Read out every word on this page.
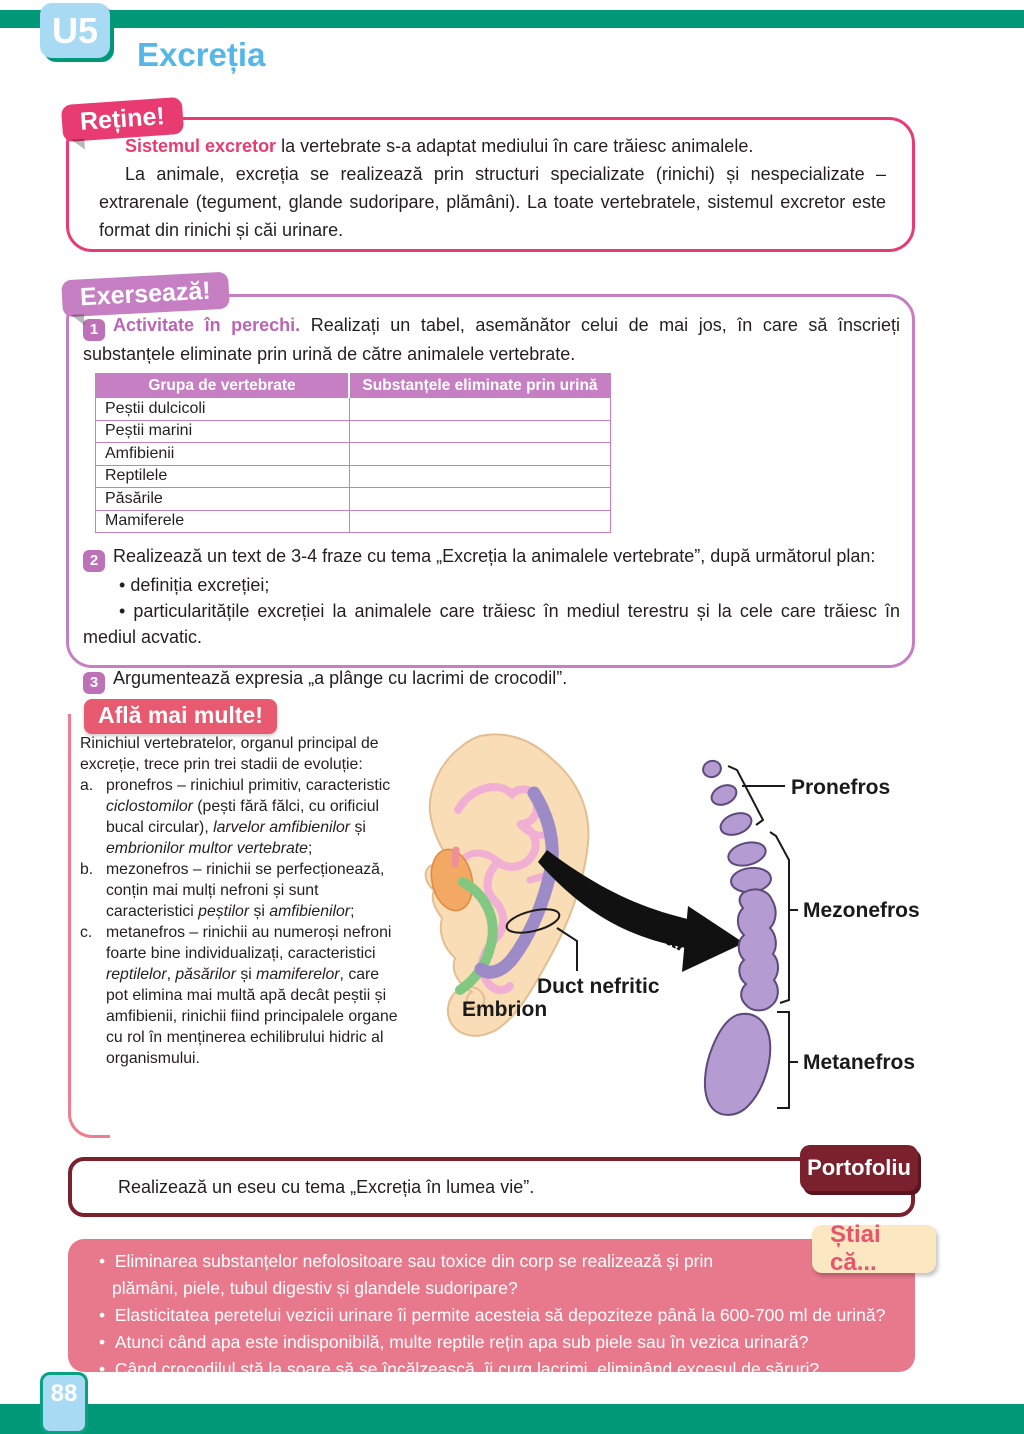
U5
Excreția
Reține!

Sistemul excretor la vertebrate s-a adaptat mediului în care trăiesc animalele.

La animale, excreția se realizează prin structuri specializate (rinichi) și nespecializate – extrarenale (tegument, glande sudoripare, plămâni). La toate vertebratele, sistemul excretor este format din rinichi și căi urinare.

Exersează!

1 Activitate în perechi. Realizați un tabel, asemănător celui de mai jos, în care să înscrieți substanțele eliminate prin urină de către animalele vertebrate.

Grupa de vertebrate	Substanțele eliminate prin urină
Peștii dulcicoli	
Peștii marini	
Amfibienii	
Reptilele	
Păsările	
Mamiferele	

2 Realizează un text de 3-4 fraze cu tema „Excreția la animalele vertebrate”, după următorul plan:

• definiția excreției;

• particularitățile excreției la animalele care trăiesc în mediul terestru și la cele care trăiesc în mediul acvatic.

3 Argumentează expresia „a plânge cu lacrimi de crocodil”.

Află mai multe!

Rinichiul vertebratelor, organul principal de excreție, trece prin trei stadii de evoluție:

a. pronefros – rinichiul primitiv, caracteristic ciclostomilor (pești fără fălci, cu orificiul bucal circular), larvelor amfibienilor și embrionilor multor vertebrate;
b. mezonefros – rinichii se perfecționează, conțin mai mulți nefroni și sunt caracteristici peștilor și amfibienilor;
c. metanefros – rinichii au numeroși nefroni foarte bine individualizați, caracteristici reptilelor, păsărilor și mamiferelor, care pot elimina mai multă apă decât peștii și amfibienii, rinichii fiind principalele organe cu rol în menținerea echilibrului hidric al organismului.
Segmentare
Pronefros
Mezonefros
Metanefros
Duct nefritic
Embrion
Portofoliu
Realizează un eseu cu tema „Excreția în lumea vie”.
Știai că...

•  Eliminarea substanțelor nefolositoare sau toxice din corp se realizează și prin plămâni, piele, tubul digestiv și glandele sudoripare?

•  Elasticitatea peretelui vezicii urinare îi permite acesteia să depoziteze până la 600-700 ml de urină?

•  Atunci când apa este indisponibilă, multe reptile rețin apa sub piele sau în vezica urinară?

•  Când crocodilul stă la soare să se încălzească, îi curg lacrimi, eliminând excesul de săruri?

88
